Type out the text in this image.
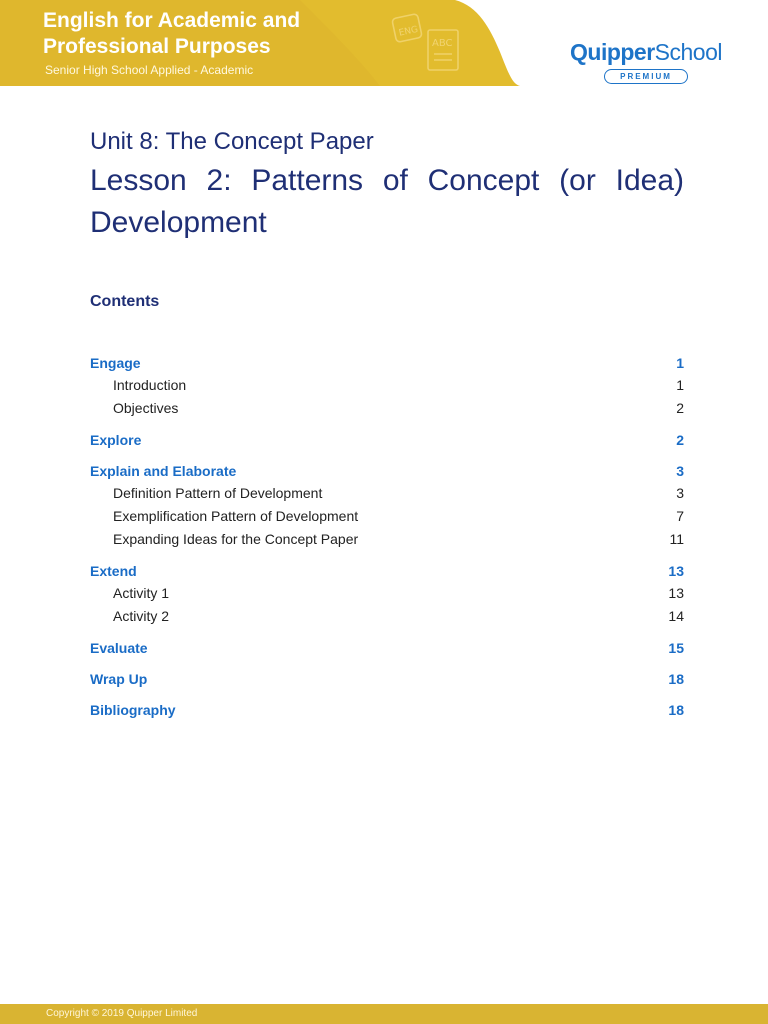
ENG
ABC
English for Academic and
Professional Purposes
Senior High School Applied - Academic
QuipperSchool
PREMIUM
Unit 8: The Concept Paper
Lesson 2: Patterns of Concept (or Idea) Development
Contents
Engage	1
Introduction	1
Objectives	2
Explore	2
Explain and Elaborate	3
Definition Pattern of Development	3
Exemplification Pattern of Development	7
Expanding Ideas for the Concept Paper	11
Extend	13
Activity 1	13
Activity 2	14
Evaluate	15
Wrap Up	18
Bibliography	18
Copyright © 2019 Quipper Limited
